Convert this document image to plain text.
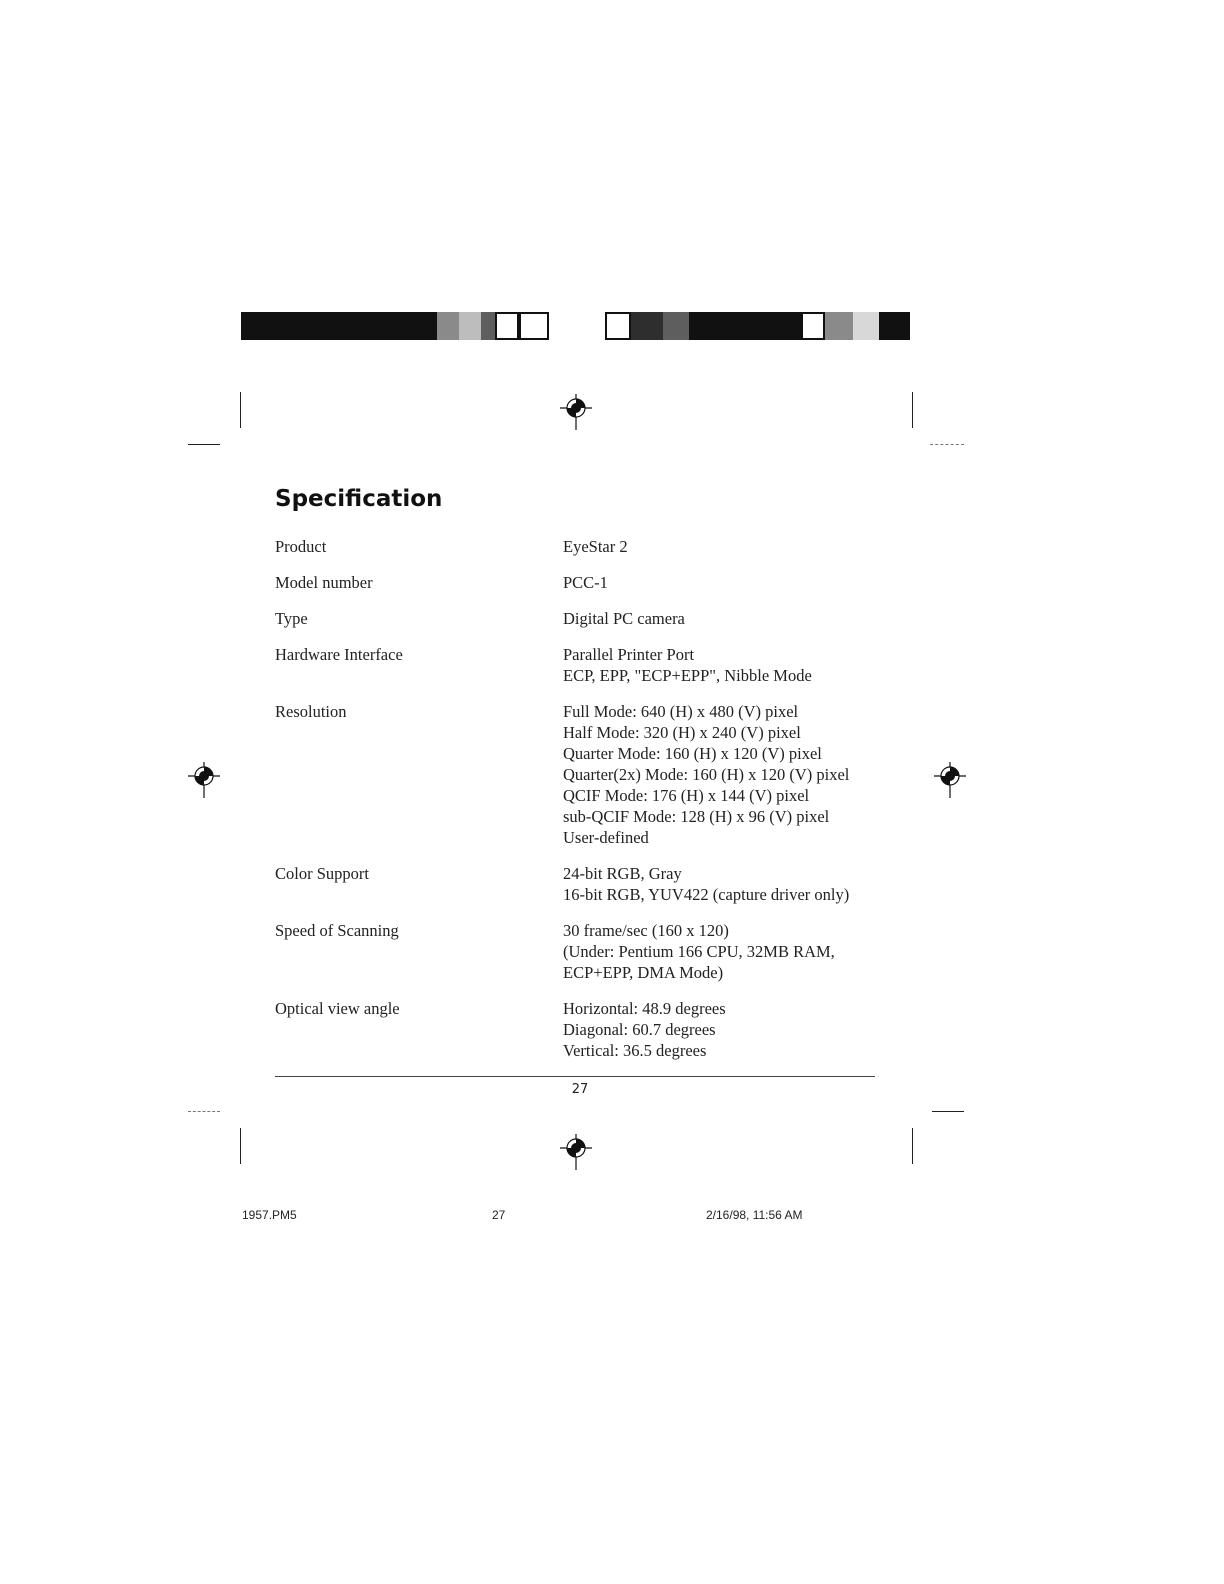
Specification
Product	EyeStar 2
Model number	PCC-1
Type	Digital PC camera
Hardware Interface	Parallel Printer Port
ECP, EPP, "ECP+EPP", Nibble Mode
Resolution	Full Mode: 640 (H) x 480 (V) pixel
Half Mode: 320 (H) x 240 (V) pixel
Quarter Mode: 160 (H) x 120 (V) pixel
Quarter(2x) Mode: 160 (H) x 120 (V) pixel
QCIF Mode: 176 (H) x 144 (V) pixel
sub-QCIF Mode: 128 (H) x 96 (V) pixel
User-defined
Color Support	24-bit RGB, Gray
16-bit RGB, YUV422 (capture driver only)
Speed of Scanning	30 frame/sec (160 x 120)
(Under: Pentium 166 CPU, 32MB RAM,
ECP+EPP, DMA Mode)
Optical view angle	Horizontal: 48.9 degrees
Diagonal: 60.7 degrees
Vertical: 36.5 degrees
27
1957.PM5	27	2/16/98, 11:56 AM
